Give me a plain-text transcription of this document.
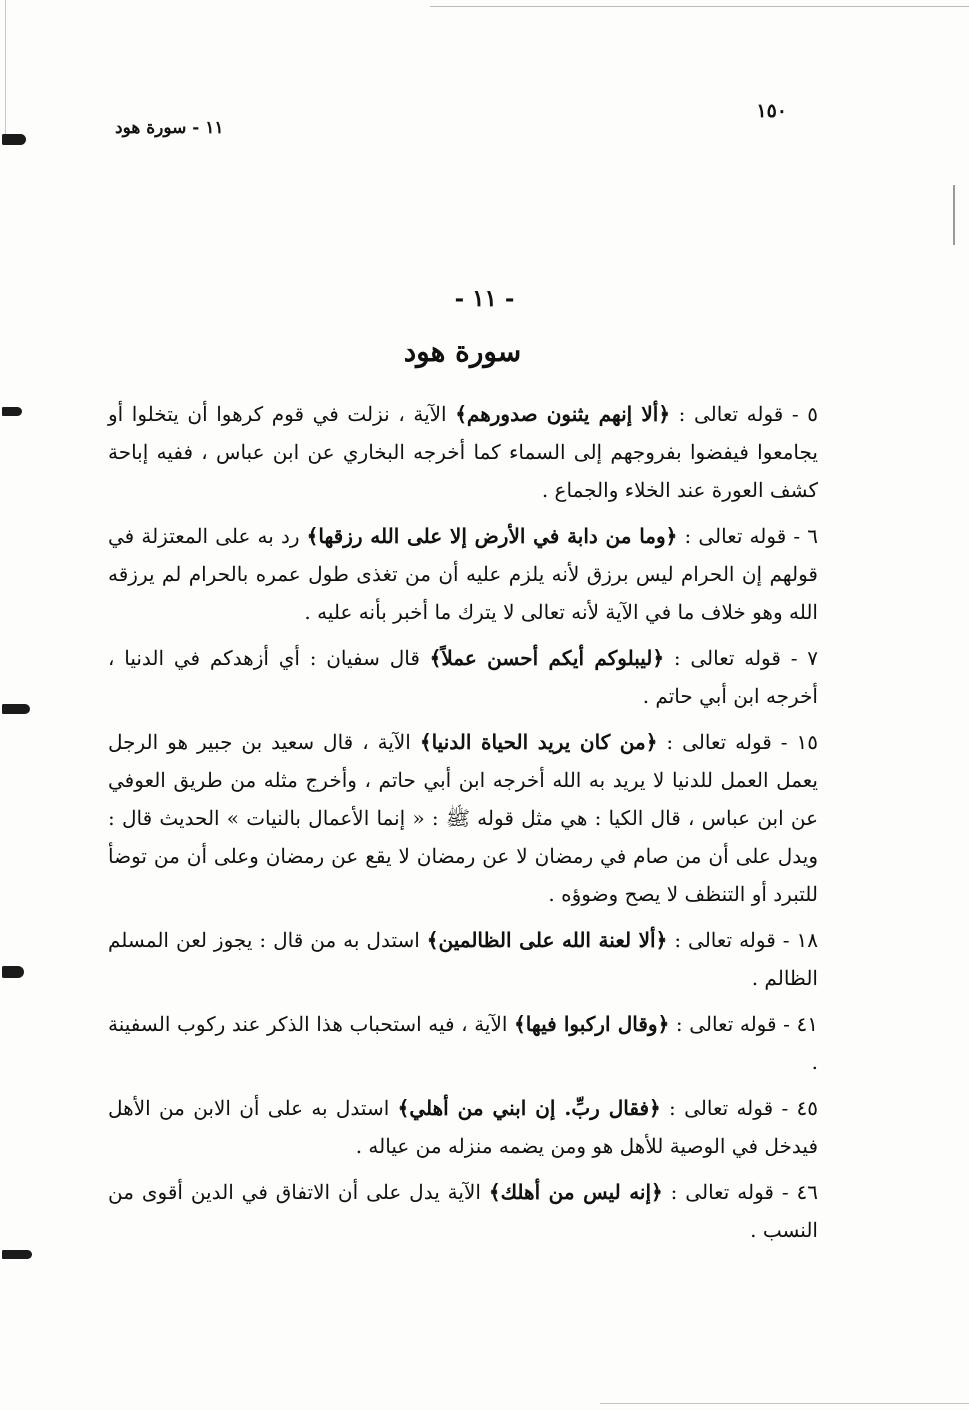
١٥٠
١١ - سورة هود
- ١١ -
سورة هود

٥ - قوله تعالى : ﴿ألا إنهم يثنون صدورهم﴾ الآية ، نزلت في قوم كرهوا أن يتخلوا أو يجامعوا فيفضوا بفروجهم إلى السماء كما أخرجه البخاري عن ابن عباس ، ففيه إباحة كشف العورة عند الخلاء والجماع .

٦ - قوله تعالى : ﴿وما من دابة في الأرض إلا على الله رزقها﴾ رد به على المعتزلة في قولهم إن الحرام ليس برزق لأنه يلزم عليه أن من تغذى طول عمره بالحرام لم يرزقه الله وهو خلاف ما في الآية لأنه تعالى لا يترك ما أخبر بأنه عليه .

٧ - قوله تعالى : ﴿ليبلوكم أيكم أحسن عملاً﴾ قال سفيان : أي أزهدكم في الدنيا ، أخرجه ابن أبي حاتم .

١٥ - قوله تعالى : ﴿من كان يريد الحياة الدنيا﴾ الآية ، قال سعيد بن جبير هو الرجل يعمل العمل للدنيا لا يريد به الله أخرجه ابن أبي حاتم ، وأخرج مثله من طريق العوفي عن ابن عباس ، قال الكيا : هي مثل قوله ﷺ : « إنما الأعمال بالنيات » الحديث قال : ويدل على أن من صام في رمضان لا عن رمضان لا يقع عن رمضان وعلى أن من توضأ للتبرد أو التنظف لا يصح وضوؤه .

١٨ - قوله تعالى : ﴿ألا لعنة الله على الظالمين﴾ استدل به من قال : يجوز لعن المسلم الظالم .

٤١ - قوله تعالى : ﴿وقال اركبوا فيها﴾ الآية ، فيه استحباب هذا الذكر عند ركوب السفينة .

٤٥ - قوله تعالى : ﴿فقال ربِّ. إن ابني من أهلي﴾ استدل به على أن الابن من الأهل فيدخل في الوصية للأهل هو ومن يضمه منزله من عياله .

٤٦ - قوله تعالى : ﴿إنه ليس من أهلك﴾ الآية يدل على أن الاتفاق في الدين أقوى من النسب .
